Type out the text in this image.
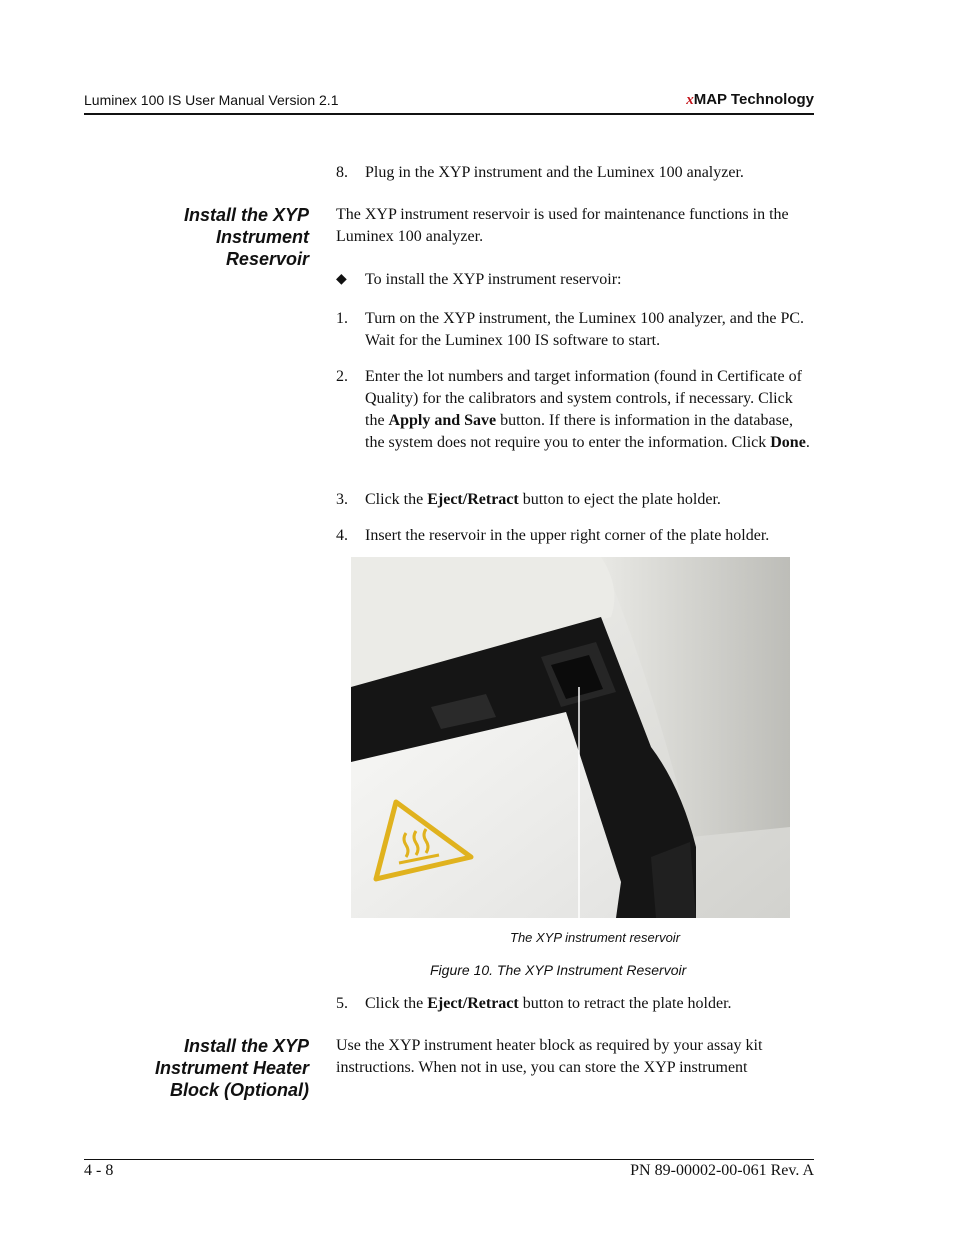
Luminex 100 IS User Manual Version 2.1	xMAP Technology
8. Plug in the XYP instrument and the Luminex 100 analyzer.
Install the XYP
Instrument
Reservoir
The XYP instrument reservoir is used for maintenance functions in the Luminex 100 analyzer.
◆ To install the XYP instrument reservoir:
1. Turn on the XYP instrument, the Luminex 100 analyzer, and the PC. Wait for the Luminex 100 IS software to start.
2. Enter the lot numbers and target information (found in Certificate of Quality) for the calibrators and system controls, if necessary. Click the Apply and Save button. If there is information in the database, the system does not require you to enter the information. Click Done.
3. Click the Eject/Retract button to eject the plate holder.
4. Insert the reservoir in the upper right corner of the plate holder.
The XYP instrument reservoir
Figure 10. The XYP Instrument Reservoir
5. Click the Eject/Retract button to retract the plate holder.
Install the XYP
Instrument Heater
Block (Optional)
Use the XYP instrument heater block as required by your assay kit instructions. When not in use, you can store the XYP instrument
4 - 8	PN 89-00002-00-061 Rev. A
